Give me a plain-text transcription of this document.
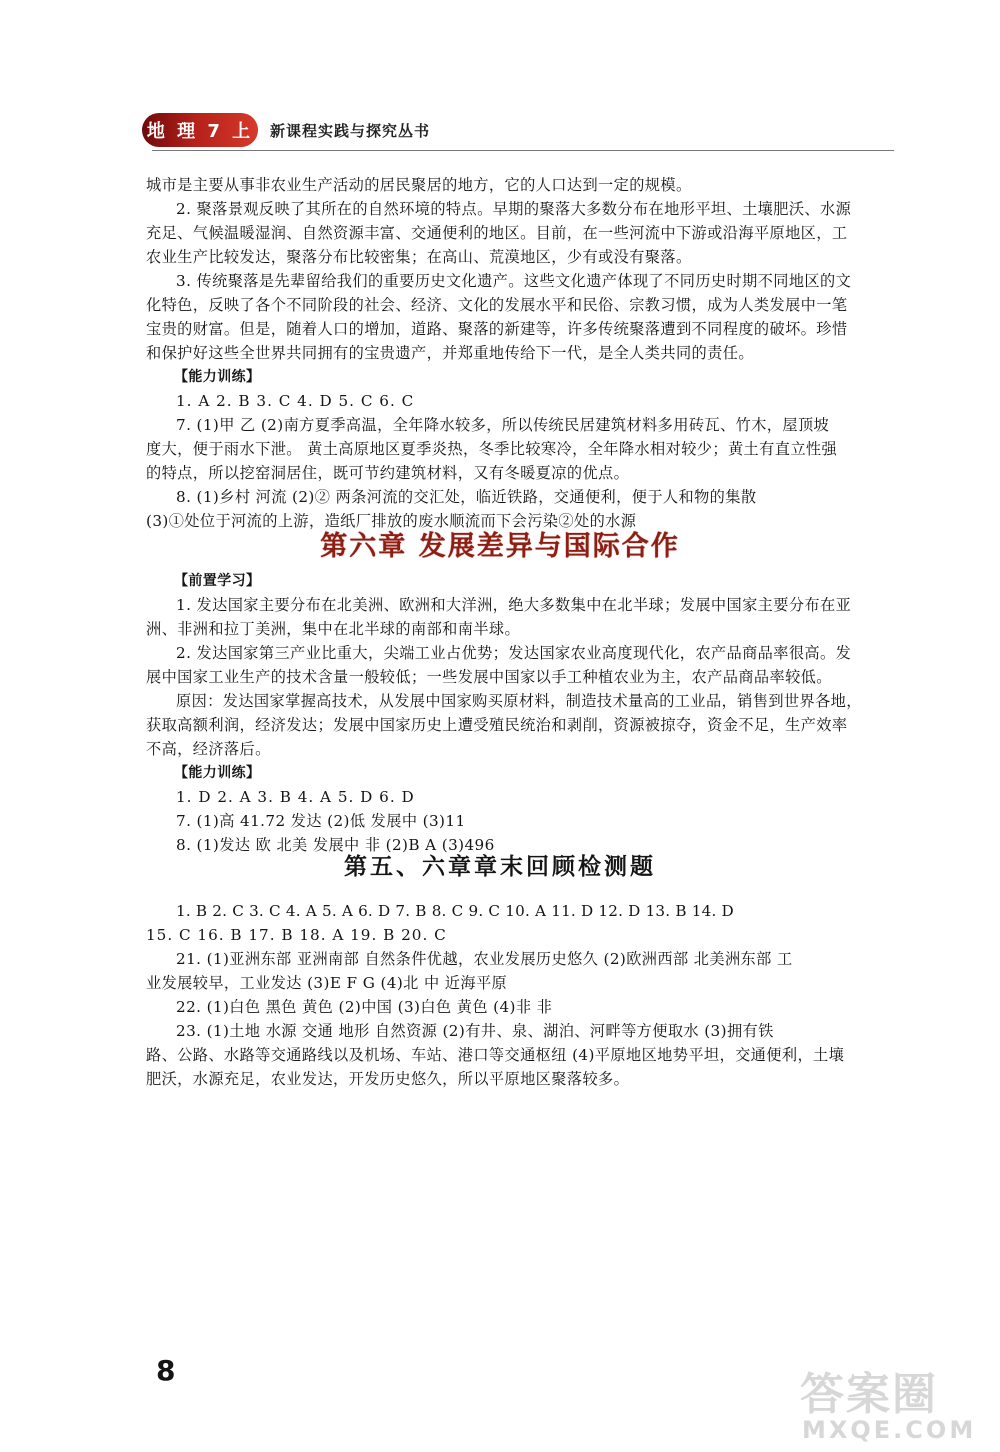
地 理 7 上 新课程实践与探究丛书
城市是主要从事非农业生产活动的居民聚居的地方，它的人口达到一定的规模。
2. 聚落景观反映了其所在的自然环境的特点。早期的聚落大多数分布在地形平坦、土壤肥沃、水源
充足、气候温暖湿润、自然资源丰富、交通便利的地区。目前，在一些河流中下游或沿海平原地区，工
农业生产比较发达，聚落分布比较密集；在高山、荒漠地区，少有或没有聚落。
3. 传统聚落是先辈留给我们的重要历史文化遗产。这些文化遗产体现了不同历史时期不同地区的文
化特色，反映了各个不同阶段的社会、经济、文化的发展水平和民俗、宗教习惯，成为人类发展中一笔
宝贵的财富。但是，随着人口的增加，道路、聚落的新建等，许多传统聚落遭到不同程度的破坏。珍惜
和保护好这些全世界共同拥有的宝贵遗产，并郑重地传给下一代，是全人类共同的责任。
【能力训练】
1. A 2. B 3. C 4. D 5. C 6. C
7. (1)甲 乙 (2)南方夏季高温，全年降水较多，所以传统民居建筑材料多用砖瓦、竹木，屋顶坡
度大，便于雨水下泄。 黄土高原地区夏季炎热，冬季比较寒冷，全年降水相对较少；黄土有直立性强
的特点，所以挖窑洞居住，既可节约建筑材料，又有冬暖夏凉的优点。
8. (1)乡村 河流 (2)② 两条河流的交汇处，临近铁路，交通便利，便于人和物的集散
(3)①处位于河流的上游，造纸厂排放的废水顺流而下会污染②处的水源
第六章 发展差异与国际合作
【前置学习】
1. 发达国家主要分布在北美洲、欧洲和大洋洲，绝大多数集中在北半球；发展中国家主要分布在亚
洲、非洲和拉丁美洲，集中在北半球的南部和南半球。
2. 发达国家第三产业比重大，尖端工业占优势；发达国家农业高度现代化，农产品商品率很高。发
展中国家工业生产的技术含量一般较低；一些发展中国家以手工种植农业为主，农产品商品率较低。
原因：发达国家掌握高技术，从发展中国家购买原材料，制造技术量高的工业品，销售到世界各地，
获取高额利润，经济发达；发展中国家历史上遭受殖民统治和剥削，资源被掠夺，资金不足，生产效率
不高，经济落后。
【能力训练】
1. D 2. A 3. B 4. A 5. D 6. D
7. (1)高 41.72 发达 (2)低 发展中 (3)11
8. (1)发达 欧 北美 发展中 非 (2)B A (3)496
第五、六章章末回顾检测题
1. B 2. C 3. C 4. A 5. A 6. D 7. B 8. C 9. C 10. A 11. D 12. D 13. B 14. D
15. C 16. B 17. B 18. A 19. B 20. C
21. (1)亚洲东部 亚洲南部 自然条件优越，农业发展历史悠久 (2)欧洲西部 北美洲东部 工
业发展较早，工业发达 (3)E F G (4)北 中 近海平原
22. (1)白色 黑色 黄色 (2)中国 (3)白色 黄色 (4)非 非
23. (1)土地 水源 交通 地形 自然资源 (2)有井、泉、湖泊、河畔等方便取水 (3)拥有铁
路、公路、水路等交通路线以及机场、车站、港口等交通枢纽 (4)平原地区地势平坦，交通便利，土壤
肥沃，水源充足，农业发达，开发历史悠久，所以平原地区聚落较多。
8	答案圈
MXQE.COM
